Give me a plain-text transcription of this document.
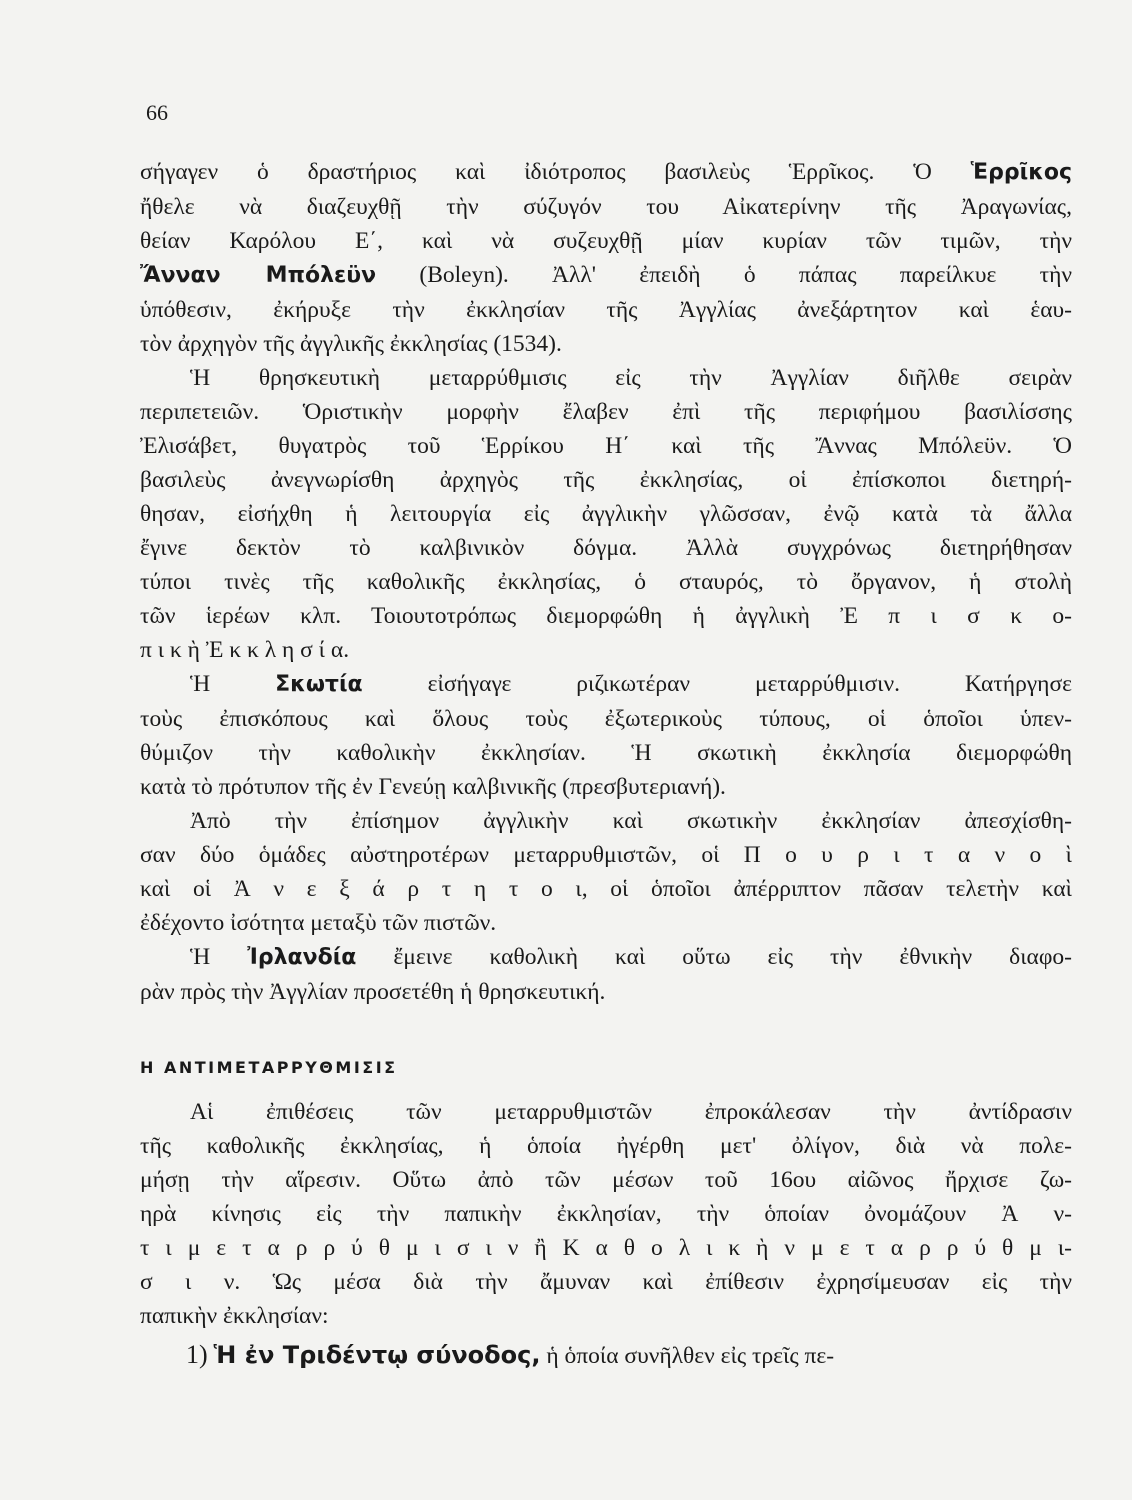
66
σήγαγεν ὁ δραστήριος καὶ ἰδιότροπος βασιλεὺς Ἑρρῖκος. Ὁ Ἑρρῖκος
ἤθελε νὰ διαζευχθῇ τὴν σύζυγόν του Αἰκατερίνην τῆς Ἀραγωνίας,
θείαν Καρόλου Ε΄, καὶ νὰ συζευχθῇ μίαν κυρίαν τῶν τιμῶν, τὴν
Ἄνναν Μπόλεϋν (Boleyn). Ἀλλ' ἐπειδὴ ὁ πάπας παρείλκυε τὴν
ὑπόθεσιν, ἐκήρυξε τὴν ἐκκλησίαν τῆς Ἀγγλίας ἀνεξάρτητον καὶ ἑαυ-
τὸν ἀρχηγὸν τῆς ἀγγλικῆς ἐκκλησίας (1534).
Ἡ θρησκευτικὴ μεταρρύθμισις εἰς τὴν Ἀγγλίαν διῆλθε σειρὰν
περιπετειῶν. Ὁριστικὴν μορφὴν ἔλαβεν ἐπὶ τῆς περιφήμου βασιλίσσης
Ἐλισάβετ, θυγατρὸς τοῦ Ἑρρίκου Η΄ καὶ τῆς Ἄννας Μπόλεϋν. Ὁ
βασιλεὺς ἀνεγνωρίσθη ἀρχηγὸς τῆς ἐκκλησίας, οἱ ἐπίσκοποι διετηρή-
θησαν, εἰσήχθη ἡ λειτουργία εἰς ἀγγλικὴν γλῶσσαν, ἐνῷ κατὰ τὰ ἄλλα
ἔγινε δεκτὸν τὸ καλβινικὸν δόγμα. Ἀλλὰ συγχρόνως διετηρήθησαν
τύποι τινὲς τῆς καθολικῆς ἐκκλησίας, ὁ σταυρός, τὸ ὄργανον, ἡ στολὴ
τῶν ἱερέων κλπ. Τοιουτοτρόπως διεμορφώθη ἡ ἀγγλικὴ Ἐ π ι σ κ ο-
π ι κ ὴ Ἐ κ κ λ η σ ί α.
Ἡ	Σκωτία	εἰσήγαγε ριζικωτέραν μεταρρύθμισιν. Κατήργησε
τοὺς ἐπισκόπους καὶ ὅλους τοὺς ἐξωτερικοὺς τύπους, οἱ ὁποῖοι ὑπεν-
θύμιζον τὴν καθολικὴν ἐκκλησίαν. Ἡ σκωτικὴ ἐκκλησία διεμορφώθη
κατὰ τὸ πρότυπον τῆς ἐν Γενεύῃ καλβινικῆς (πρεσβυτεριανή).
Ἀπὸ τὴν ἐπίσημον ἀγγλικὴν καὶ σκωτικὴν ἐκκλησίαν ἀπεσχίσθη-
σαν δύο ὁμάδες αὐστηροτέρων μεταρρυθμιστῶν, οἱ Π ο υ ρ ι τ α ν ο ὶ
καὶ οἱ Ἀ ν ε ξ ά ρ τ η τ ο ι, οἱ ὁποῖοι ἀπέρριπτον πᾶσαν τελετὴν καὶ
ἐδέχοντο ἰσότητα μεταξὺ τῶν πιστῶν.
Ἡ Ἰρλανδία ἔμεινε καθολικὴ καὶ οὕτω εἰς τὴν ἐθνικὴν διαφο-
ρὰν πρὸς τὴν Ἀγγλίαν προσετέθη ἡ θρησκευτική.
Η ΑΝΤΙΜΕΤΑΡΡΥΘΜΙΣΙΣ
Αἱ ἐπιθέσεις τῶν μεταρρυθμιστῶν ἐπροκάλεσαν τὴν ἀντίδρασιν
τῆς καθολικῆς ἐκκλησίας, ἡ ὁποία ἠγέρθη μετ' ὀλίγον, διὰ νὰ πολε-
μήσῃ τὴν αἵρεσιν. Οὕτω ἀπὸ τῶν μέσων τοῦ 16ου αἰῶνος ἤρχισε ζω-
ηρὰ κίνησις εἰς τὴν παπικὴν ἐκκλησίαν, τὴν ὁποίαν ὀνομάζουν Ἀ ν-
τ ι μ ε τ α ρ ρ ύ θ μ ι σ ι ν ἢ Κ α θ ο λ ι κ ὴ ν μ ε τ α ρ ρ ύ θ μ ι-
σ ι ν. Ὡς μέσα διὰ τὴν ἄμυναν καὶ ἐπίθεσιν ἐχρησίμευσαν εἰς τὴν
παπικὴν ἐκκλησίαν:
1) Ἡ ἐν Τριδέντῳ σύνοδος, ἡ ὁποία συνῆλθεν εἰς τρεῖς πε-
